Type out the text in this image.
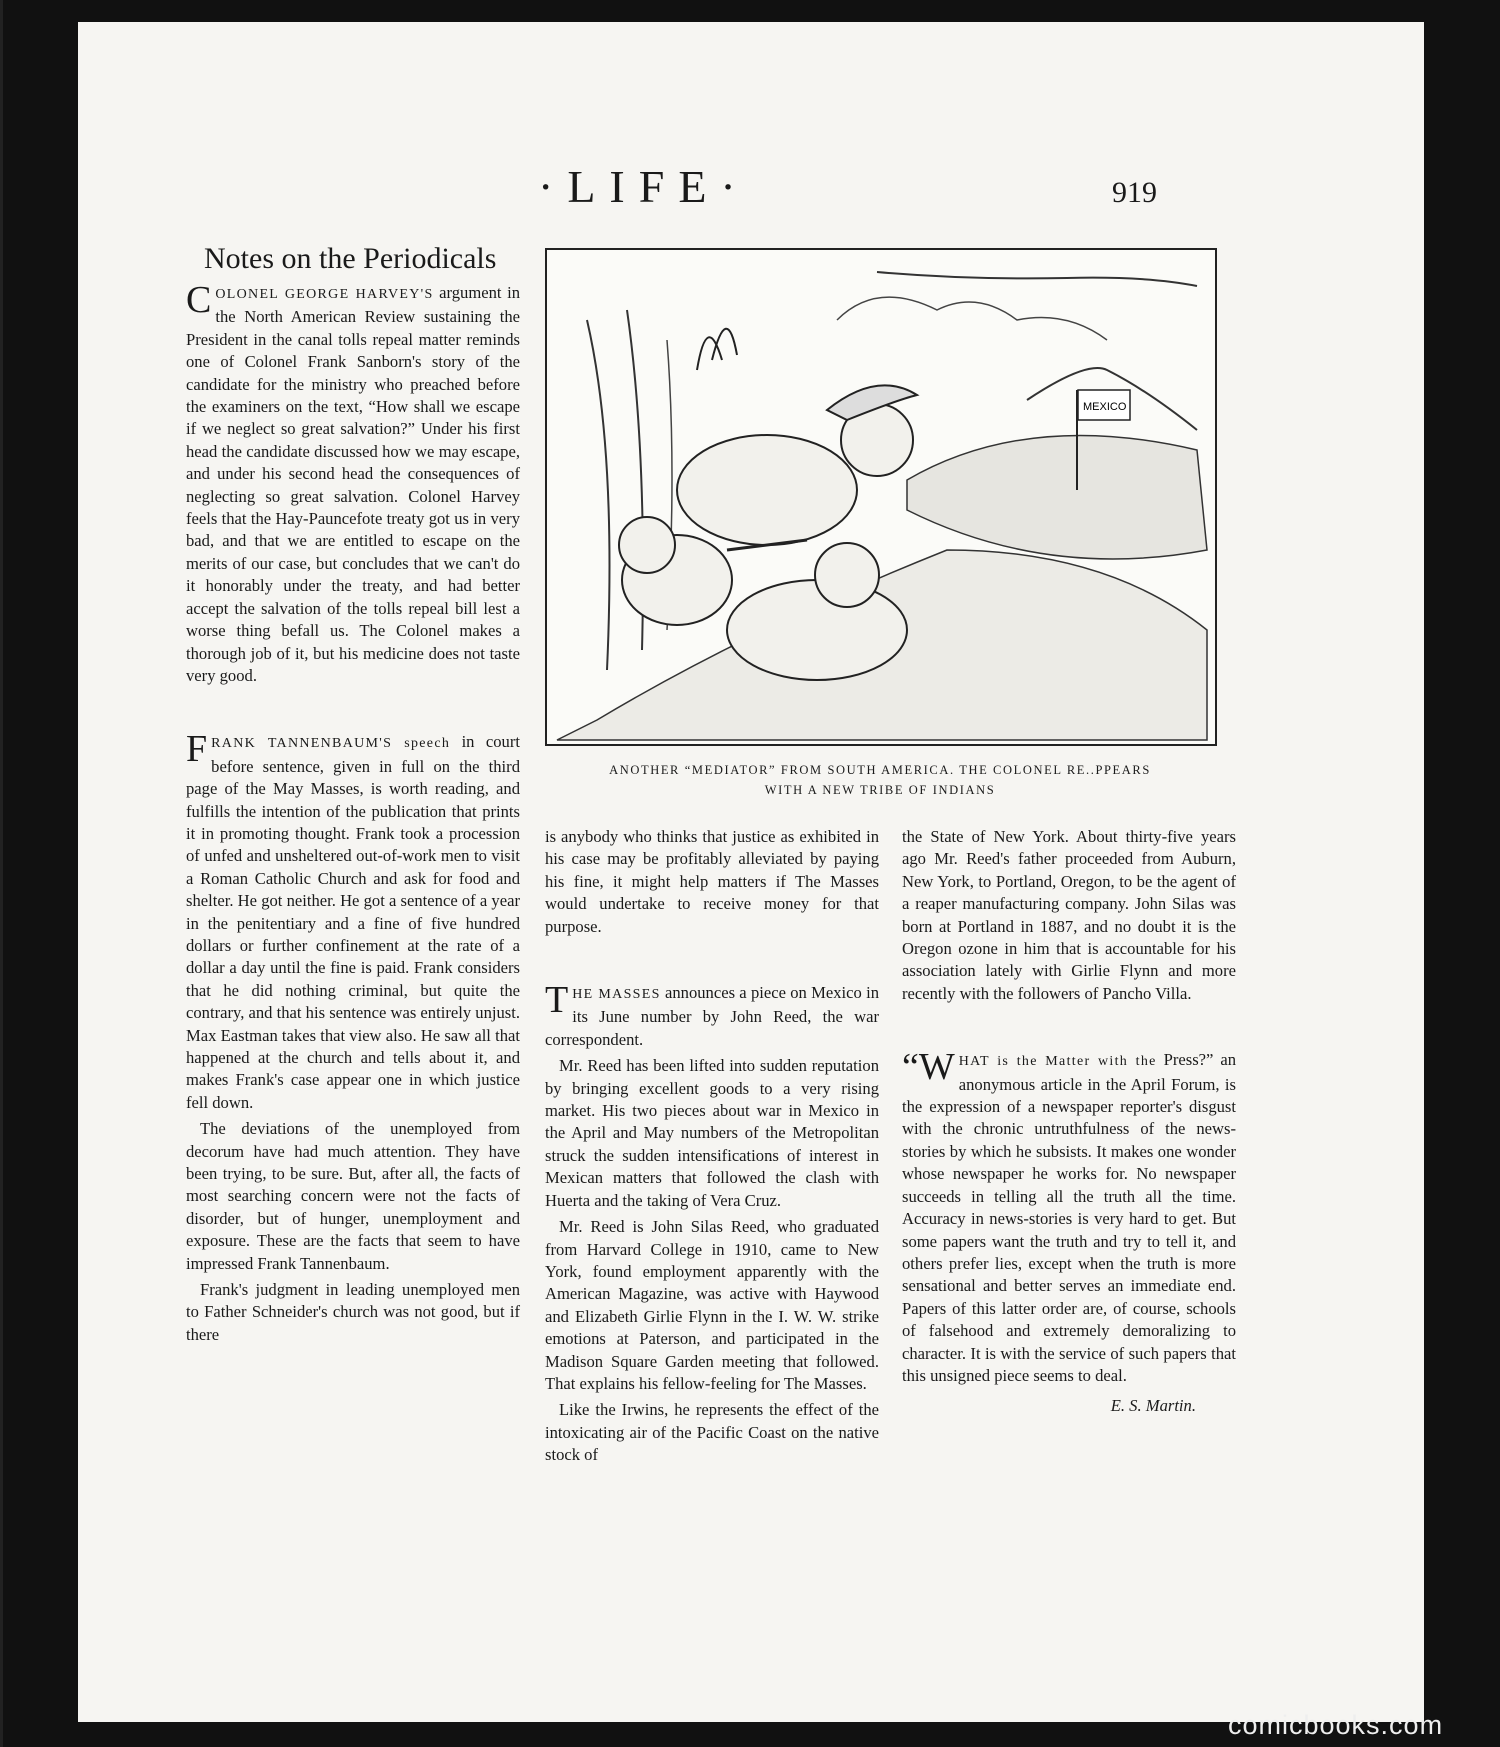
·LIFE·	919
Notes on the Periodicals

COLONEL GEORGE HARVEY'S argument in the North American Review sustaining the President in the canal tolls repeal matter reminds one of Colonel Frank Sanborn's story of the candidate for the ministry who preached before the examiners on the text, “How shall we escape if we neglect so great salvation?” Under his first head the candidate discussed how we may escape, and under his second head the consequences of neglecting so great salvation. Colonel Harvey feels that the Hay-Pauncefote treaty got us in very bad, and that we are entitled to escape on the merits of our case, but concludes that we can't do it honorably under the treaty, and had better accept the salvation of the tolls repeal bill lest a worse thing befall us. The Colonel makes a thorough job of it, but his medicine does not taste very good.

FRANK TANNENBAUM'S speech in court before sentence, given in full on the third page of the May Masses, is worth reading, and fulfills the intention of the publication that prints it in promoting thought. Frank took a procession of unfed and unsheltered out-of-work men to visit a Roman Catholic Church and ask for food and shelter. He got neither. He got a sentence of a year in the penitentiary and a fine of five hundred dollars or further confinement at the rate of a dollar a day until the fine is paid. Frank considers that he did nothing criminal, but quite the contrary, and that his sentence was entirely unjust. Max Eastman takes that view also. He saw all that happened at the church and tells about it, and makes Frank's case appear one in which justice fell down.

The deviations of the unemployed from decorum have had much attention. They have been trying, to be sure. But, after all, the facts of most searching concern were not the facts of disorder, but of hunger, unemployment and exposure. These are the facts that seem to have impressed Frank Tannenbaum.

Frank's judgment in leading unemployed men to Father Schneider's church was not good, but if there

MEXICO
ANOTHER “MEDIATOR” FROM SOUTH AMERICA. THE COLONEL RE..PPEARS
WITH A NEW TRIBE OF INDIANS

is anybody who thinks that justice as exhibited in his case may be profitably alleviated by paying his fine, it might help matters if The Masses would undertake to receive money for that purpose.

THE MASSES announces a piece on Mexico in its June number by John Reed, the war correspondent.

Mr. Reed has been lifted into sudden reputation by bringing excellent goods to a very rising market. His two pieces about war in Mexico in the April and May numbers of the Metropolitan struck the sudden intensifications of interest in Mexican matters that followed the clash with Huerta and the taking of Vera Cruz.

Mr. Reed is John Silas Reed, who graduated from Harvard College in 1910, came to New York, found employment apparently with the American Magazine, was active with Haywood and Elizabeth Girlie Flynn in the I. W. W. strike emotions at Paterson, and participated in the Madison Square Garden meeting that followed. That explains his fellow-feeling for The Masses.

Like the Irwins, he represents the effect of the intoxicating air of the Pacific Coast on the native stock of

the State of New York. About thirty-five years ago Mr. Reed's father proceeded from Auburn, New York, to Portland, Oregon, to be the agent of a reaper manufacturing company. John Silas was born at Portland in 1887, and no doubt it is the Oregon ozone in him that is accountable for his association lately with Girlie Flynn and more recently with the followers of Pancho Villa.

“WHAT is the Matter with the Press?” an anonymous article in the April Forum, is the expression of a newspaper reporter's disgust with the chronic untruthfulness of the news-stories by which he subsists. It makes one wonder whose newspaper he works for. No newspaper succeeds in telling all the truth all the time. Accuracy in news-stories is very hard to get. But some papers want the truth and try to tell it, and others prefer lies, except when the truth is more sensational and better serves an immediate end. Papers of this latter order are, of course, schools of falsehood and extremely demoralizing to character. It is with the service of such papers that this unsigned piece seems to deal.

E. S. Martin.
comicbooks.com
